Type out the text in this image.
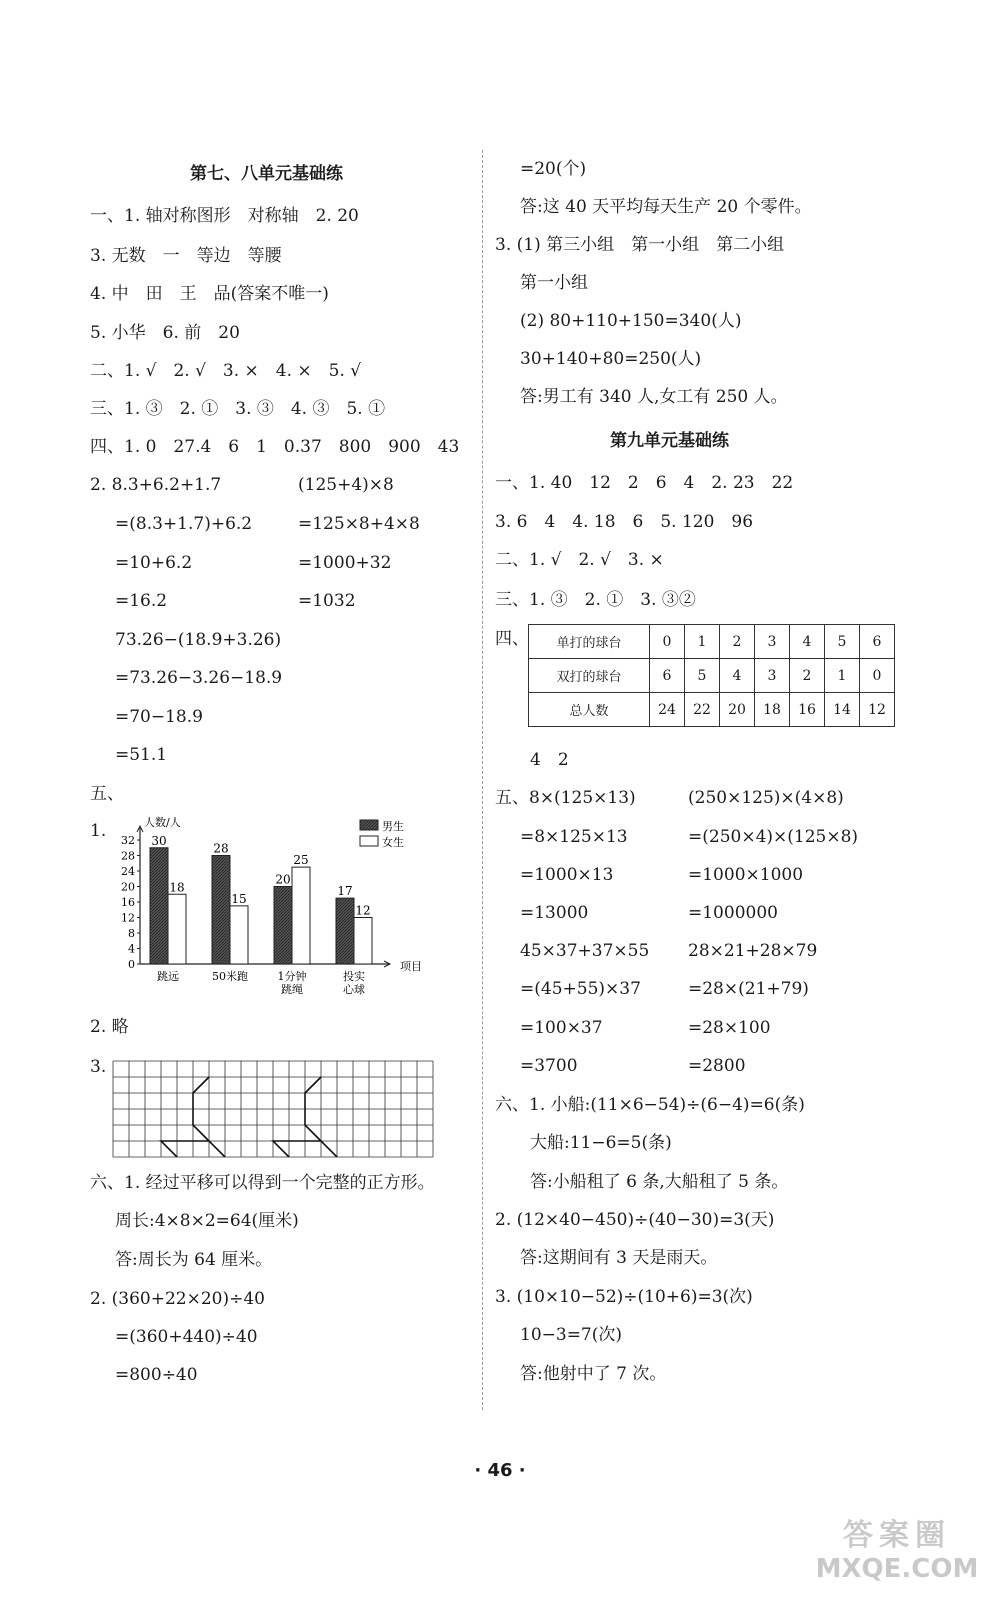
第七、八单元基础练
一、1. 轴对称图形　对称轴　2. 20
3. 无数　一　等边　等腰
4. 中　田　王　品(答案不唯一)
5. 小华　6. 前　20
二、1. √　2. √　3. ×　4. ×　5. √
三、1. ③　2. ①　3. ③　4. ③　5. ①
四、1. 0　27.4　6　1　0.37　800　900　43
2. 8.3+6.2+1.7
=(8.3+1.7)+6.2
=10+6.2
=16.2
(125+4)×8
=125×8+4×8
=1000+32
=1032
73.26−(18.9+3.26)
=73.26−3.26−18.9
=70−18.9
=51.1
五、
1.	人数/人
项目
0
4
8
12
16
20
24
28
32 30
18
跳远
28
15
50米跑
20
25
1分钟
跳绳
17
12
投实
心球
男生
女生
2. 略
3.
六、1. 经过平移可以得到一个完整的正方形。
周长:4×8×2=64(厘米)
答:周长为 64 厘米。
2. (360+22×20)÷40
=(360+440)÷40
=800÷40
=20(个)
答:这 40 天平均每天生产 20 个零件。
3. (1) 第三小组　第一小组　第二小组
第一小组
(2) 80+110+150=340(人)
30+140+80=250(人)
答:男工有 340 人,女工有 250 人。
第九单元基础练
一、1. 40　12　2　6　4　2. 23　22
3. 6　4　4. 18　6　5. 120　96
二、1. √　2. √　3. ×
三、1. ③　2. ①　3. ③②
四、 单打的球台	0	1	2	3	4	5	6
双打的球台	6	5	4	3	2	1	0
总人数	24	22	20	18	16	14	12
4　2
五、8×(125×13)
=8×125×13
=1000×13
=13000
(250×125)×(4×8)
=(250×4)×(125×8)
=1000×1000
=1000000
45×37+37×55
=(45+55)×37
=100×37
=3700
28×21+28×79
=28×(21+79)
=28×100
=2800
六、1. 小船:(11×6−54)÷(6−4)=6(条)
大船:11−6=5(条)
答:小船租了 6 条,大船租了 5 条。
2. (12×40−450)÷(40−30)=3(天)
答:这期间有 3 天是雨天。
3. (10×10−52)÷(10+6)=3(次)
10−3=7(次)
答:他射中了 7 次。
· 46 ·
答案圈
MXQE.COM
